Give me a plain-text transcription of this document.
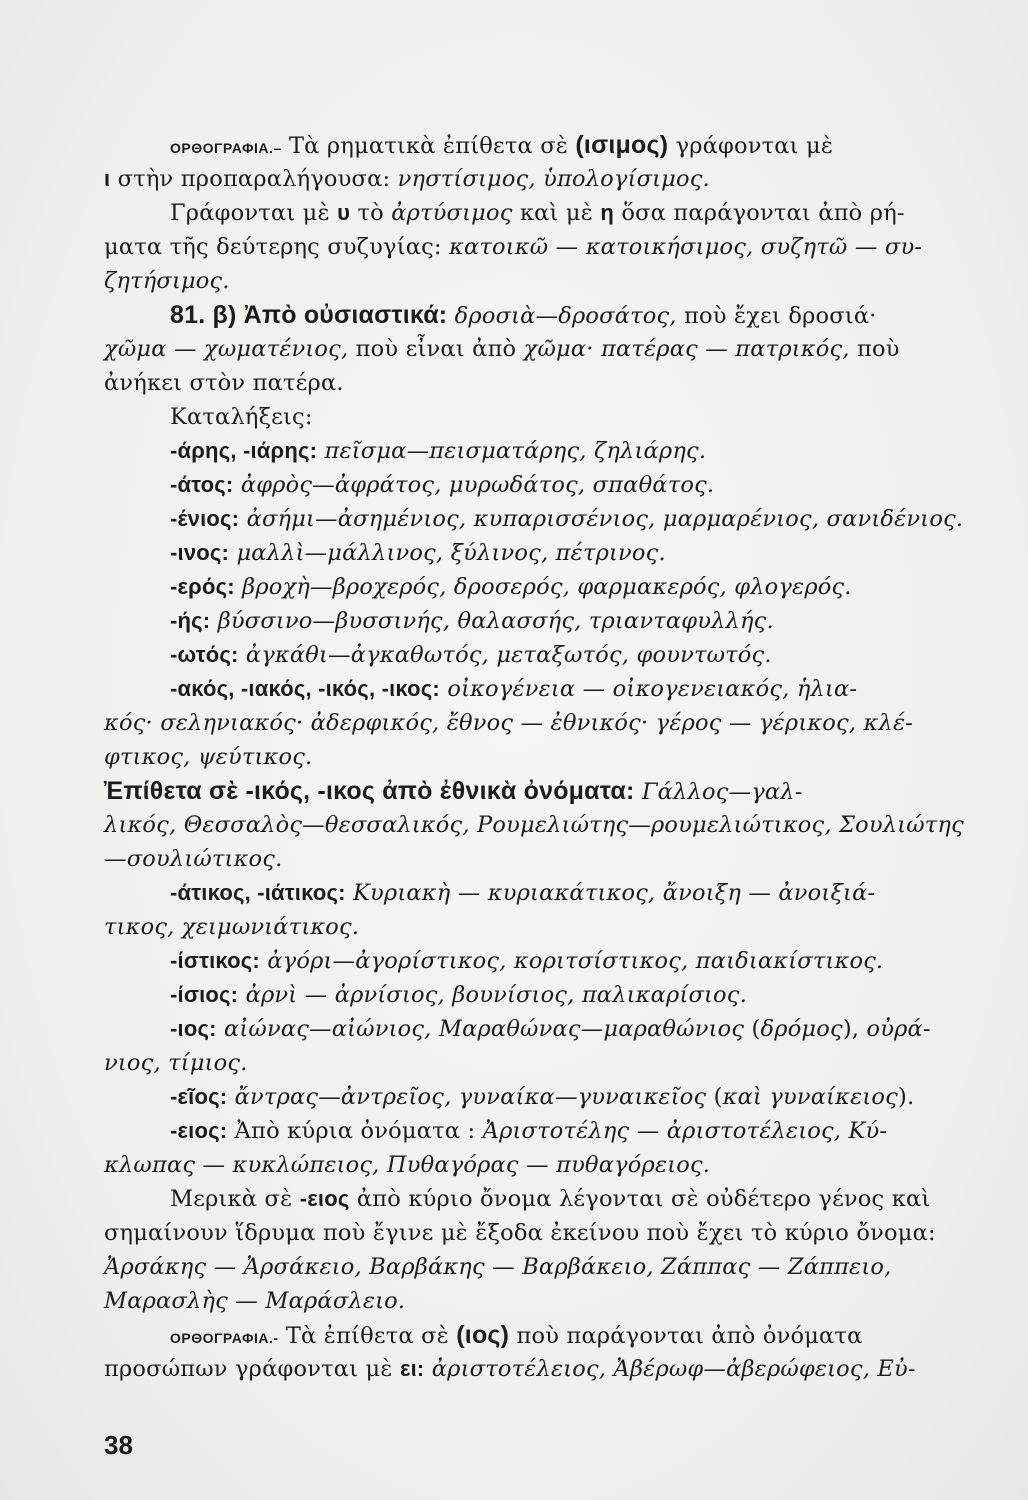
ΟΡΘΟΓΡΑΦΙΑ.– Τὰ ρηματικὰ ἐπίθετα σὲ (ισιμος) γράφονται μὲ
ι στὴν προπαραλήγουσα: νηστίσιμος, ὑπολογίσιμος.
Γράφονται μὲ υ τὸ ἀρτύσιμος καὶ μὲ η ὅσα παράγονται ἀπὸ ρή-
ματα τῆς δεύτερης συζυγίας: κατοικῶ — κατοικήσιμος, συζητῶ — συ-
ζητήσιμος.
81. β) Ἀπὸ οὐσιαστικά: δροσιὰ—δροσάτος, ποὺ ἔχει δροσιά·
χῶμα — χωματένιος, ποὺ εἶναι ἀπὸ χῶμα· πατέρας — πατρικός, ποὺ
ἀνήκει στὸν πατέρα.
Καταλήξεις:
-άρης, -ιάρης: πεῖσμα—πεισματάρης, ζηλιάρης.
-άτος: ἀφρὸς—ἀφράτος, μυρωδάτος, σπαθάτος.
-ένιος: ἀσήμι—ἀσημένιος, κυπαρισσένιος, μαρμαρένιος, σανιδένιος.
-ινος: μαλλὶ—μάλλινος, ξύλινος, πέτρινος.
-ερός: βροχὴ—βροχερός, δροσερός, φαρμακερός, φλογερός.
-ής: βύσσινο—βυσσινής, θαλασσής, τριανταφυλλής.
-ωτός: ἀγκάθι—ἀγκαθωτός, μεταξωτός, φουντωτός.
-ακός, -ιακός, -ικός, -ικος: οἰκογένεια — οἰκογενειακός, ἡλια-
κός· σεληνιακός· ἀδερφικός, ἔθνος — ἐθνικός· γέρος — γέρικος, κλέ-
φτικος, ψεύτικος.
Ἐπίθετα σὲ -ικός, -ικος ἀπὸ ἐθνικὰ ὀνόματα: Γάλλος—γαλ-
λικός, Θεσσαλὸς—θεσσαλικός, Ρουμελιώτης—ρουμελιώτικος, Σουλιώτης
—σουλιώτικος.
-άτικος, -ιάτικος: Κυριακὴ — κυριακάτικος, ἄνοιξη — ἀνοιξιά-
τικος, χειμωνιάτικος.
-ίστικος: ἀγόρι—ἀγορίστικος, κοριτσίστικος, παιδιακίστικος.
-ίσιος: ἀρνὶ — ἀρνίσιος, βουνίσιος, παλικαρίσιος.
-ιος: αἰώνας—αἰώνιος, Μαραθώνας—μαραθώνιος (δρόμος), οὐρά-
νιος, τίμιος.
-εῖος: ἄντρας—ἀντρεῖος, γυναίκα—γυναικεῖος (καὶ γυναίκειος).
-ειος: Ἀπὸ κύρια ὀνόματα : Ἀριστοτέλης — ἀριστοτέλειος, Κύ-
κλωπας — κυκλώπειος, Πυθαγόρας — πυθαγόρειος.
Μερικὰ σὲ -ειος ἀπὸ κύριο ὄνομα λέγονται σὲ οὐδέτερο γένος καὶ
σημαίνουν ἵδρυμα ποὺ ἔγινε μὲ ἔξοδα ἐκείνου ποὺ ἔχει τὸ κύριο ὄνομα:
Ἀρσάκης — Ἀρσάκειο, Βαρβάκης — Βαρβάκειο, Ζάππας — Ζάππειο,
Μαρασλὴς — Μαράσλειο.
ΟΡΘΟΓΡΑΦΙΑ.- Τὰ ἐπίθετα σὲ (ιος) ποὺ παράγονται ἀπὸ ὀνόματα
προσώπων γράφονται μὲ ει: ἀριστοτέλειος, Ἀβέρωφ—ἀβερώφειος, Εὐ-
38
